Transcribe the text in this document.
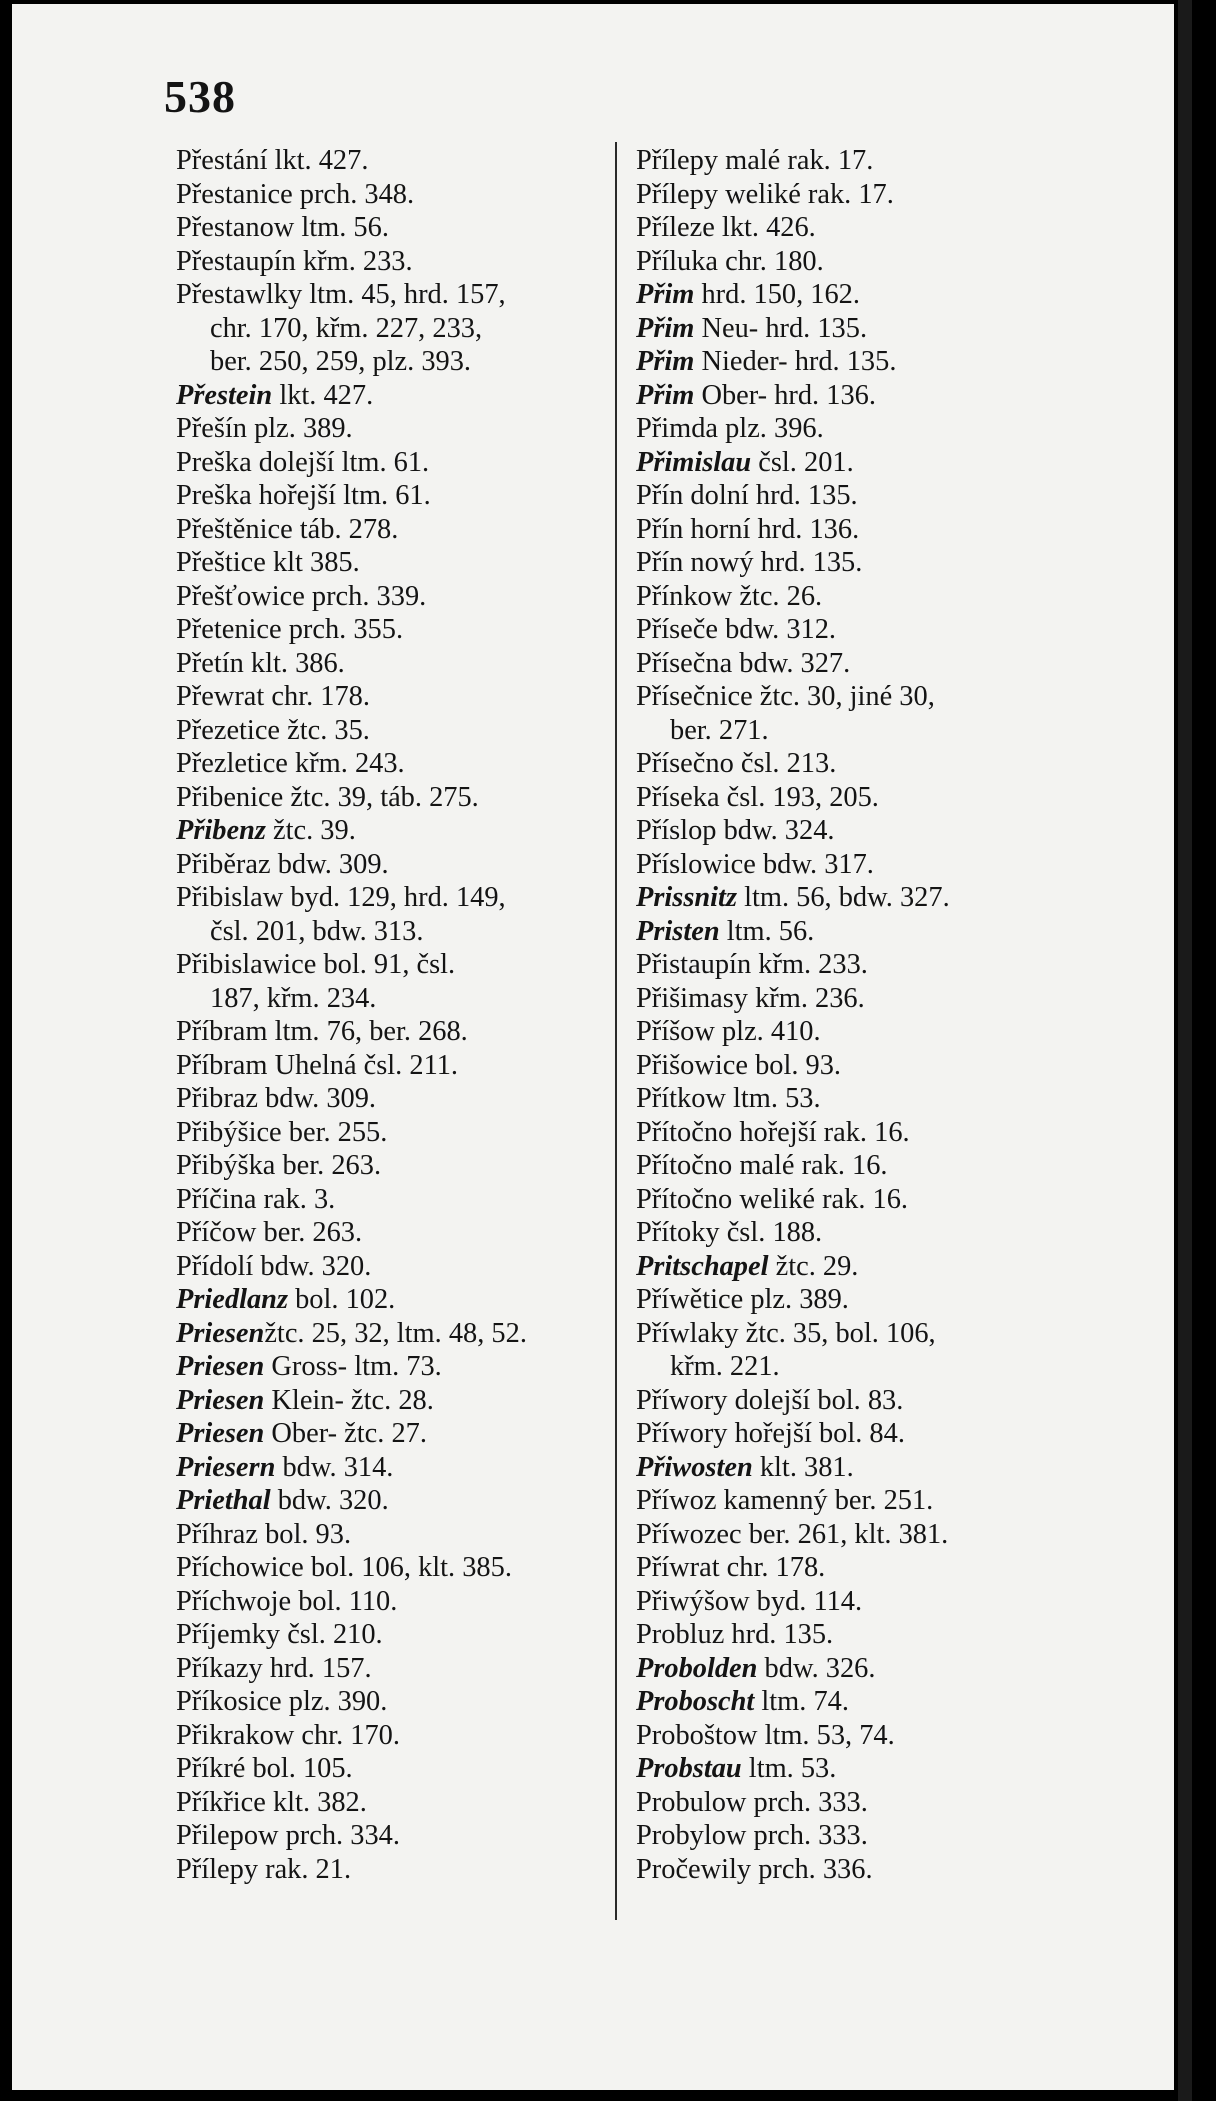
538
Přestání lkt. 427.
Přestanice prch. 348.
Přestanow ltm. 56.
Přestaupín křm. 233.
Přestawlky ltm. 45, hrd. 157,
chr. 170, křm. 227, 233,
ber. 250, 259, plz. 393.
Přestein lkt. 427.
Přešín plz. 389.
Preška dolejší ltm. 61.
Preška hořejší ltm. 61.
Přeštěnice táb. 278.
Přeštice klt 385.
Přešťowice prch. 339.
Přetenice prch. 355.
Přetín klt. 386.
Přewrat chr. 178.
Přezetice žtc. 35.
Přezletice křm. 243.
Přibenice žtc. 39, táb. 275.
Přibenz žtc. 39.
Přiběraz bdw. 309.
Přibislaw byd. 129, hrd. 149,
čsl. 201, bdw. 313.
Přibislawice bol. 91, čsl.
187, křm. 234.
Příbram ltm. 76, ber. 268.
Příbram Uhelná čsl. 211.
Přibraz bdw. 309.
Přibýšice ber. 255.
Přibýška ber. 263.
Příčina rak. 3.
Příčow ber. 263.
Přídolí bdw. 320.
Priedlanz bol. 102.
Priesenžtc. 25, 32, ltm. 48, 52.
Priesen Gross- ltm. 73.
Priesen Klein- žtc. 28.
Priesen Ober- žtc. 27.
Priesern bdw. 314.
Priethal bdw. 320.
Příhraz bol. 93.
Příchowice bol. 106, klt. 385.
Příchwoje bol. 110.
Příjemky čsl. 210.
Příkazy hrd. 157.
Příkosice plz. 390.
Přikrakow chr. 170.
Příkré bol. 105.
Příkřice klt. 382.
Přilepow prch. 334.
Přílepy rak. 21.
Přílepy malé rak. 17.
Přílepy weliké rak. 17.
Příleze lkt. 426.
Příluka chr. 180.
Přim hrd. 150, 162.
Přim Neu- hrd. 135.
Přim Nieder- hrd. 135.
Přim Ober- hrd. 136.
Přimda plz. 396.
Přimislau čsl. 201.
Přín dolní hrd. 135.
Přín horní hrd. 136.
Přín nowý hrd. 135.
Přínkow žtc. 26.
Příseče bdw. 312.
Přísečna bdw. 327.
Přísečnice žtc. 30, jiné 30,
ber. 271.
Přísečno čsl. 213.
Příseka čsl. 193, 205.
Příslop bdw. 324.
Příslowice bdw. 317.
Prissnitz ltm. 56, bdw. 327.
Pristen ltm. 56.
Přistaupín křm. 233.
Přišimasy křm. 236.
Příšow plz. 410.
Přišowice bol. 93.
Přítkow ltm. 53.
Přítočno hořejší rak. 16.
Přítočno malé rak. 16.
Přítočno weliké rak. 16.
Přítoky čsl. 188.
Pritschapel žtc. 29.
Příwětice plz. 389.
Příwlaky žtc. 35, bol. 106,
křm. 221.
Příwory dolejší bol. 83.
Příwory hořejší bol. 84.
Přiwosten klt. 381.
Příwoz kamenný ber. 251.
Příwozec ber. 261, klt. 381.
Příwrat chr. 178.
Přiwýšow byd. 114.
Probluz hrd. 135.
Probolden bdw. 326.
Proboscht ltm. 74.
Proboštow ltm. 53, 74.
Probstau ltm. 53.
Probulow prch. 333.
Probylow prch. 333.
Pročewily prch. 336.
